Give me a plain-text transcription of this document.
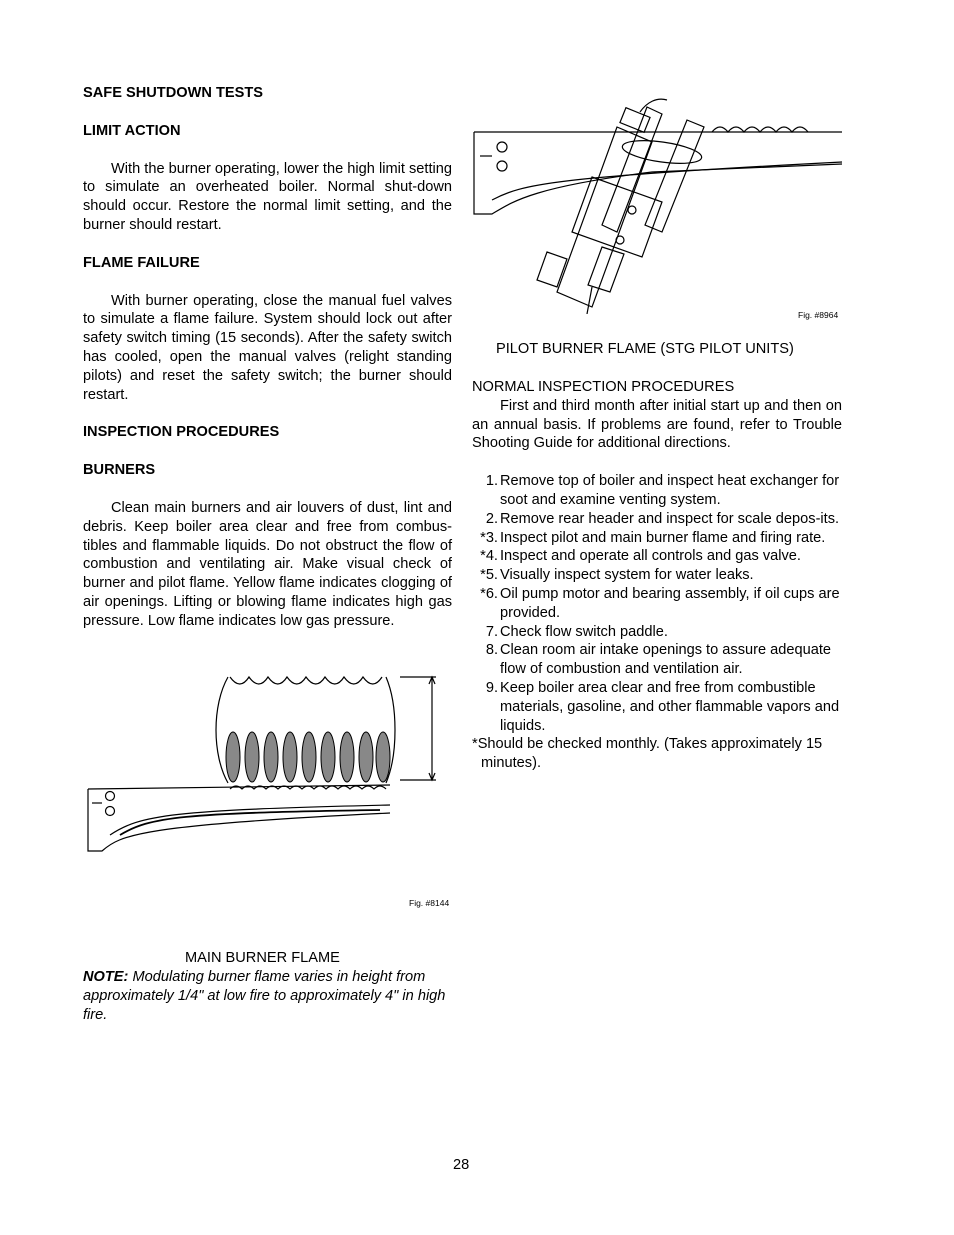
SAFE SHUTDOWN TESTS
LIMIT ACTION

With the burner operating, lower the high limit setting to simulate an overheated boiler. Normal shut-down should occur. Restore the normal limit setting, and the burner should restart.

FLAME FAILURE

With burner operating, close the manual fuel valves to simulate a flame failure. System should lock out after safety switch timing (15 seconds). After the safety switch has cooled, open the manual valves (relight standing pilots) and reset the safety switch; the burner should restart.

INSPECTION PROCEDURES
BURNERS

Clean main burners and air louvers of dust, lint and debris. Keep boiler area clear and free from combus-tibles and flammable liquids. Do not obstruct the flow of combustion and ventilating air. Make visual check of burner and pilot flame. Yellow flame indicates clogging of air openings. Lifting or blowing flame indicates high gas pressure. Low flame indicates low gas pressure.

Fig. #8144
MAIN BURNER FLAME
NOTE: Modulating burner flame varies in height from approximately 1/4" at low fire to approximately 4" in high fire.
Fig. #8964
PILOT BURNER FLAME (STG PILOT UNITS)
NORMAL INSPECTION PROCEDURES

First and third month after initial start up and then on an annual basis. If problems are found, refer to Trouble Shooting Guide for additional directions.

1. Remove top of boiler and inspect heat exchanger for soot and examine venting system.
2. Remove rear header and inspect for scale depos-its.
*3. Inspect pilot and main burner flame and firing rate.
*4. Inspect and operate all controls and gas valve.
*5. Visually inspect system for water leaks.
*6. Oil pump motor and bearing assembly, if oil cups are provided.
7. Check flow switch paddle.
8. Clean room air intake openings to assure adequate flow of combustion and ventilation air.
9. Keep boiler area clear and free from combustible materials, gasoline, and other flammable vapors and liquids.
*Should be checked monthly. (Takes approximately 15 minutes).
28
